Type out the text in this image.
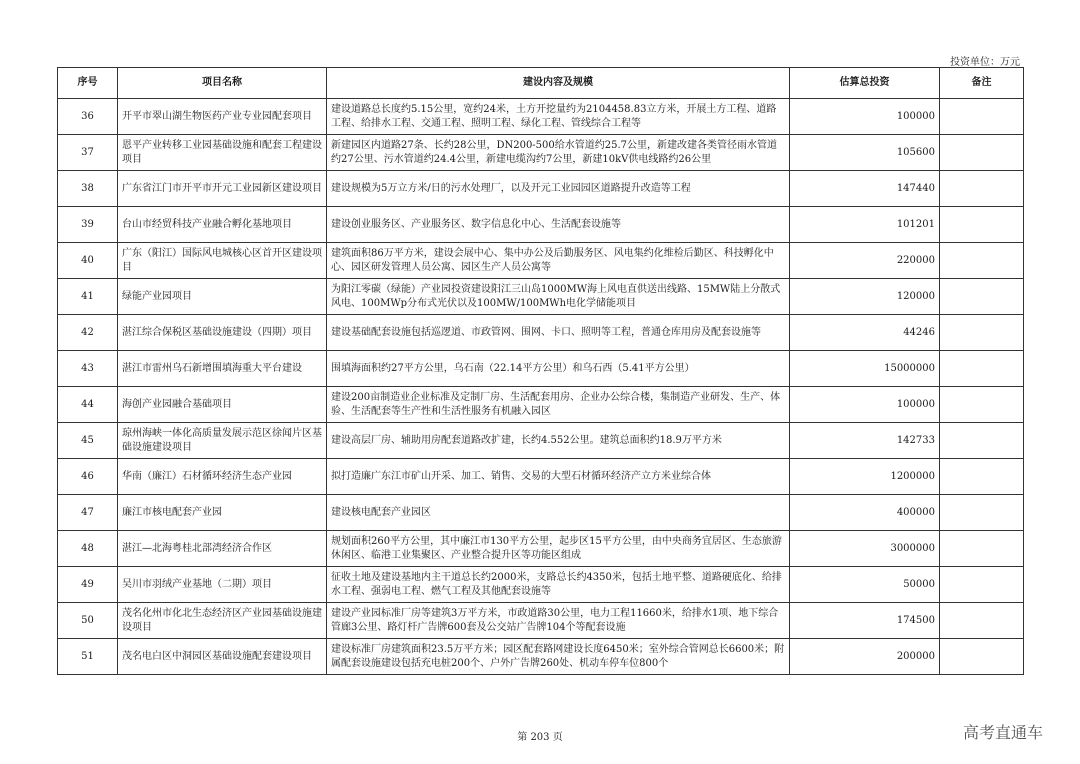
投资单位：万元
序号	项目名称	建设内容及规模	估算总投资	备注
36	开平市翠山湖生物医药产业专业园配套项目	建设道路总长度约5.15公里，宽约24米，土方开挖量约为2104458.83立方米，开展土方工程、道路工程、给排水工程、交通工程、照明工程、绿化工程、管线综合工程等	100000	
37	恩平产业转移工业园基础设施和配套工程建设项目	新建园区内道路27条、长约28公里，DN200-500给水管道约25.7公里，新建改建各类管径雨水管道约27公里、污水管道约24.4公里，新建电缆沟约7公里，新建10kV供电线路约26公里	105600	
38	广东省江门市开平市开元工业园新区建设项目	建设规模为5万立方米/日的污水处理厂，以及开元工业园园区道路提升改造等工程	147440	
39	台山市经贸科技产业融合孵化基地项目	建设创业服务区、产业服务区、数字信息化中心、生活配套设施等	101201	
40	广东（阳江）国际风电城核心区首开区建设项目	建筑面积86万平方米，建设会展中心、集中办公及后勤服务区、风电集约化维检后勤区、科技孵化中心、园区研发管理人员公寓、园区生产人员公寓等	220000	
41	绿能产业园项目	为阳江零碳（绿能）产业园投资建设阳江三山岛1000MW海上风电直供送出线路、15MW陆上分散式风电、100MWp分布式光伏以及100MW/100MWh电化学储能项目	120000	
42	湛江综合保税区基础设施建设（四期）项目	建设基础配套设施包括巡逻道、市政管网、围网、卡口、照明等工程，普通仓库用房及配套设施等	44246	
43	湛江市雷州乌石新增围填海重大平台建设	围填海面积约27平方公里，乌石南（22.14平方公里）和乌石西（5.41平方公里）	15000000	
44	海创产业园融合基础项目	建设200亩制造业企业标准及定制厂房、生活配套用房、企业办公综合楼，集制造产业研发、生产、体验、生活配套等生产性和生活性服务有机融入园区	100000	
45	琼州海峡一体化高质量发展示范区徐闻片区基础设施建设项目	建设高层厂房、辅助用房配套道路改扩建，长约4.552公里。建筑总面积约18.9万平方米	142733	
46	华南（廉江）石材循环经济生态产业园	拟打造廉广东江市矿山开采、加工、销售、交易的大型石材循环经济产立方米业综合体	1200000	
47	廉江市核电配套产业园	建设核电配套产业园区	400000	
48	湛江—北海粤桂北部湾经济合作区	规划面积260平方公里，其中廉江市130平方公里，起步区15平方公里，由中央商务宜居区、生态旅游休闲区、临港工业集聚区、产业整合提升区等功能区组成	3000000	
49	吴川市羽绒产业基地（二期）项目	征收土地及建设基地内主干道总长约2000米，支路总长约4350米，包括土地平整、道路硬底化、给排水工程、强弱电工程、燃气工程及其他配套设施等	50000	
50	茂名化州市化北生态经济区产业园基础设施建设项目	建设产业园标准厂房等建筑3万平方米，市政道路30公里，电力工程11660米，给排水1项、地下综合管廊3公里、路灯杆广告牌600套及公交站广告牌104个等配套设施	174500	
51	茂名电白区中洞园区基础设施配套建设项目	建设标准厂房建筑面积23.5万平方米；园区配套路网建设长度6450米；室外综合管网总长6600米；附属配套设施建设包括充电桩200个、户外广告牌260处、机动车停车位800个	200000	
第 203 页	高考直通车
